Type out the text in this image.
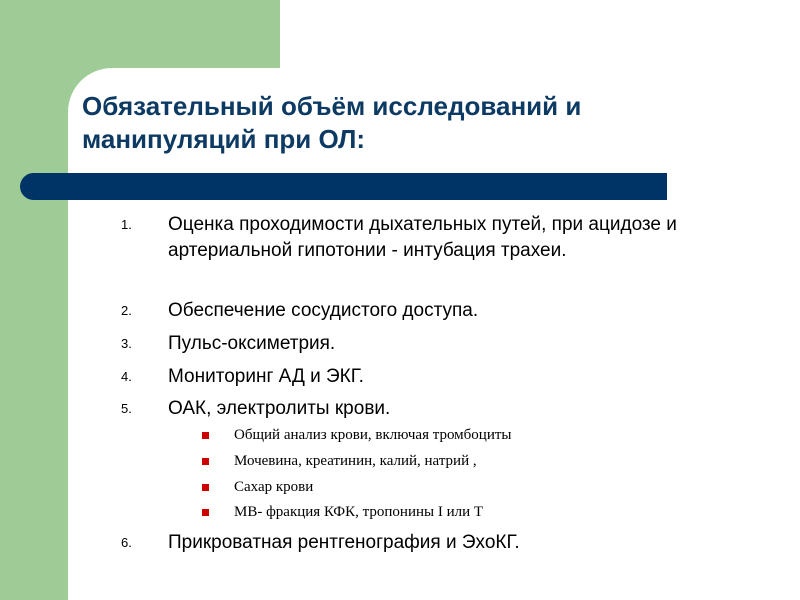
Обязательный объём исследований и манипуляций при ОЛ:
1.	Оценка проходимости дыхательных путей, при ацидозе и артериальной гипотонии - интубация трахеи.
2.	Обеспечение сосудистого доступа.
3.	Пульс-оксиметрия.
4.	Мониторинг АД и ЭКГ.
5.	ОАК, электролиты крови.
Общий анализ крови, включая тромбоциты
Мочевина, креатинин, калий, натрий ,
Сахар крови
МВ- фракция КФК, тропонины I или Т
6.	Прикроватная рентгенография и ЭхоКГ.
